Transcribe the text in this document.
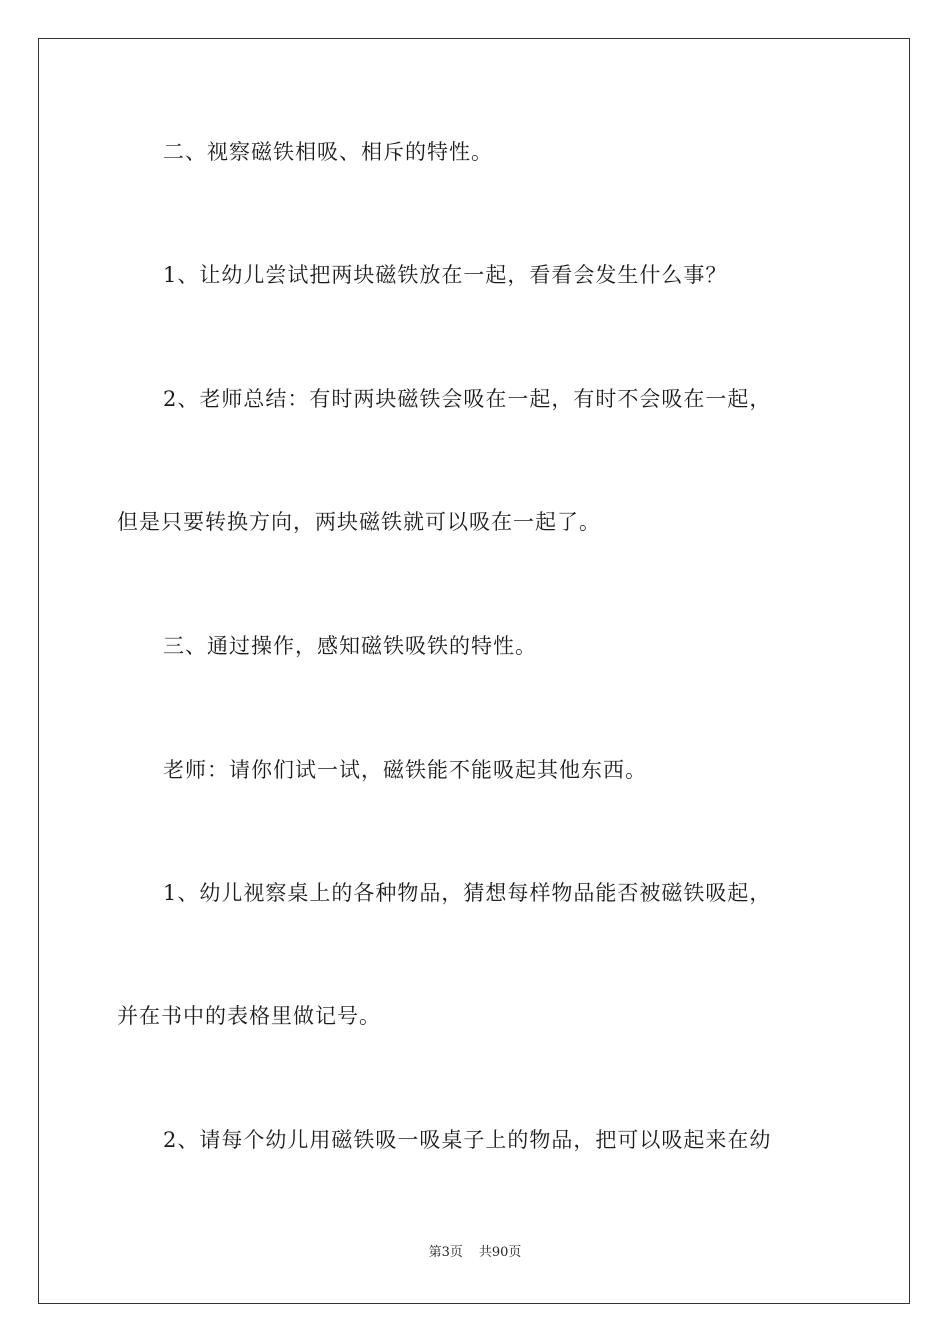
二、视察磁铁相吸、相斥的特性。
1、让幼儿尝试把两块磁铁放在一起，看看会发生什么事？
2、老师总结：有时两块磁铁会吸在一起，有时不会吸在一起，
但是只要转换方向，两块磁铁就可以吸在一起了。
三、通过操作，感知磁铁吸铁的特性。
老师：请你们试一试，磁铁能不能吸起其他东西。
1、幼儿视察桌上的各种物品，猜想每样物品能否被磁铁吸起，
并在书中的表格里做记号。
2、请每个幼儿用磁铁吸一吸桌子上的物品，把可以吸起来在幼
第3页 共90页
